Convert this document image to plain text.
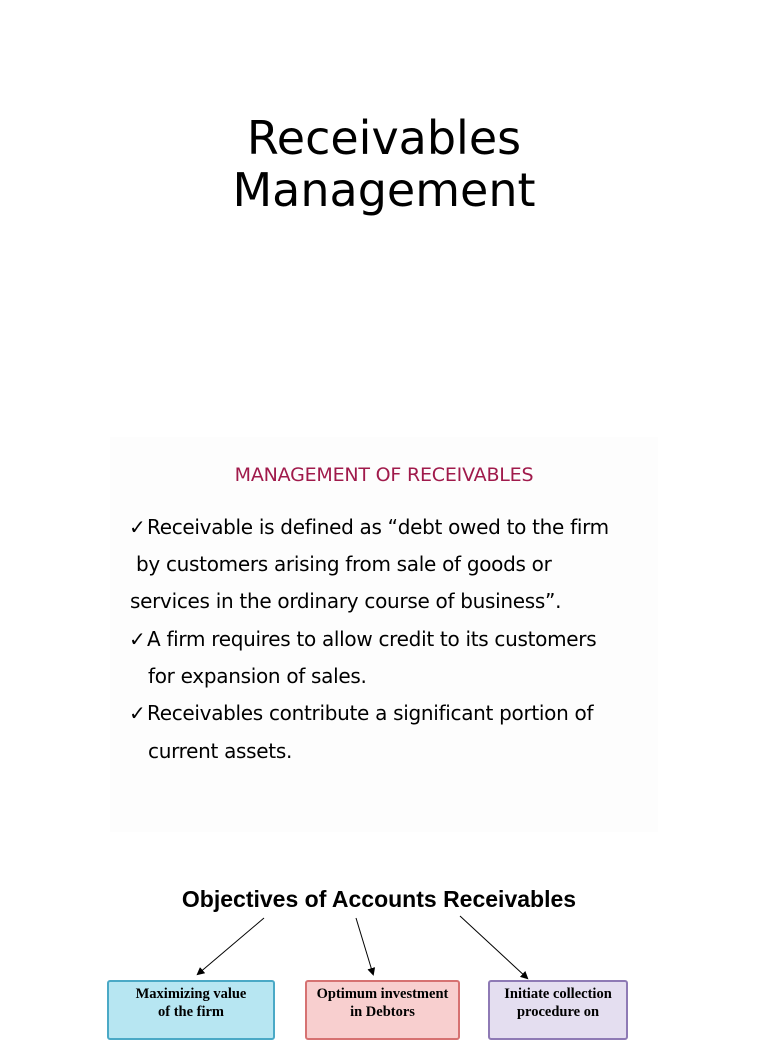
Receivables
Management
MANAGEMENT OF RECEIVABLES
✓Receivable is defined as “debt owed to the firm
by customers arising from sale of goods or
services in the ordinary course of business”.
✓A firm requires to allow credit to its customers
for expansion of sales.
✓Receivables contribute a significant portion of
current assets.
Objectives of Accounts Receivables
Maximizing value
of the firm
Optimum investment
in Debtors
Initiate collection
procedure on
